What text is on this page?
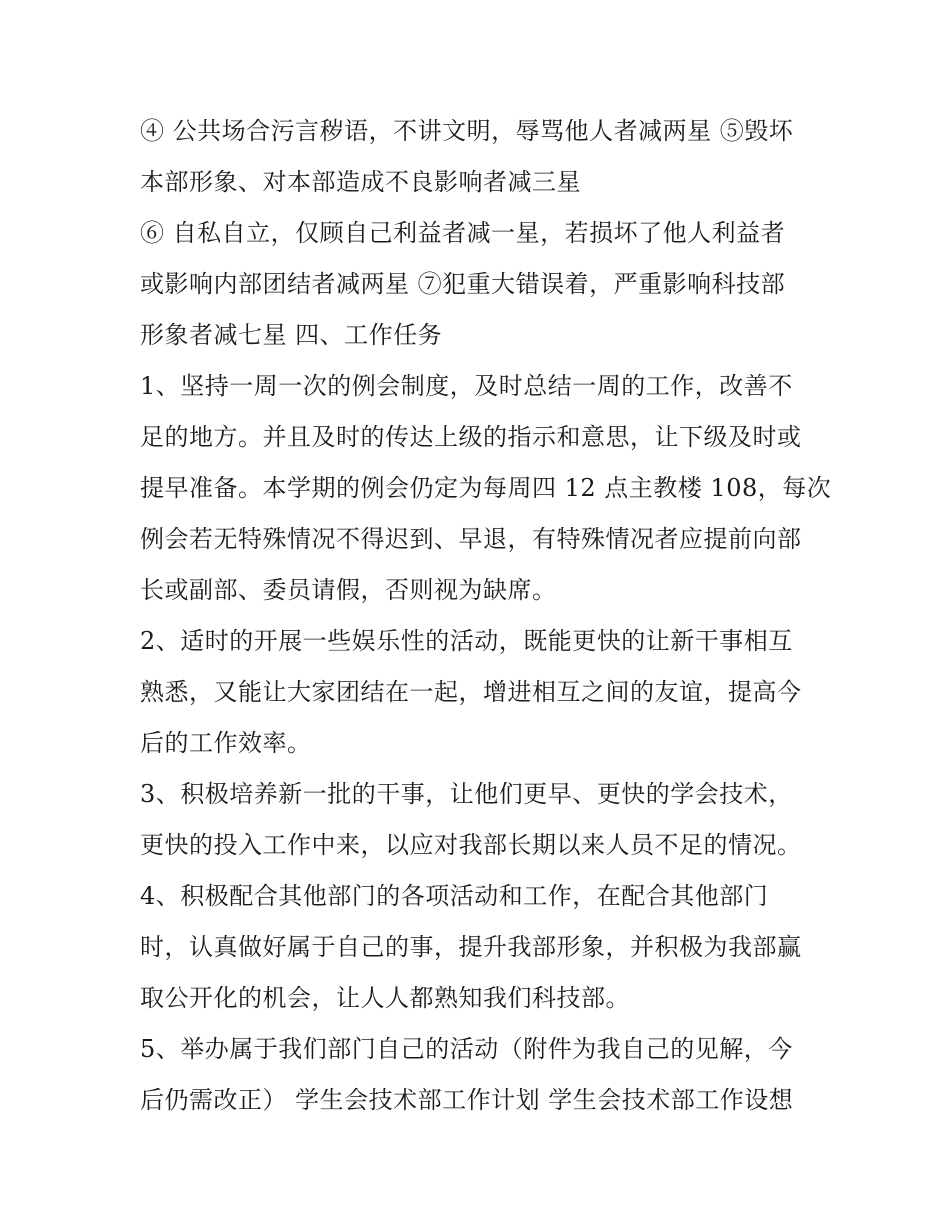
④ 公共场合污言秽语，不讲文明，辱骂他人者减两星 ⑤毁坏
本部形象、对本部造成不良影响者减三星
⑥ 自私自立，仅顾自己利益者减一星，若损坏了他人利益者
或影响内部团结者减两星 ⑦犯重大错误着，严重影响科技部
形象者减七星 四、工作任务
1、坚持一周一次的例会制度，及时总结一周的工作，改善不
足的地方。并且及时的传达上级的指示和意思，让下级及时或
提早准备。本学期的例会仍定为每周四 12 点主教楼 108，每次
例会若无特殊情况不得迟到、早退，有特殊情况者应提前向部
长或副部、委员请假，否则视为缺席。
2、适时的开展一些娱乐性的活动，既能更快的让新干事相互
熟悉，又能让大家团结在一起，增进相互之间的友谊，提高今
后的工作效率。
3、积极培养新一批的干事，让他们更早、更快的学会技术，
更快的投入工作中来，以应对我部长期以来人员不足的情况。
4、积极配合其他部门的各项活动和工作，在配合其他部门
时，认真做好属于自己的事，提升我部形象，并积极为我部赢
取公开化的机会，让人人都熟知我们科技部。
5、举办属于我们部门自己的活动（附件为我自己的见解，今
后仍需改正） 学生会技术部工作计划 学生会技术部工作设想
